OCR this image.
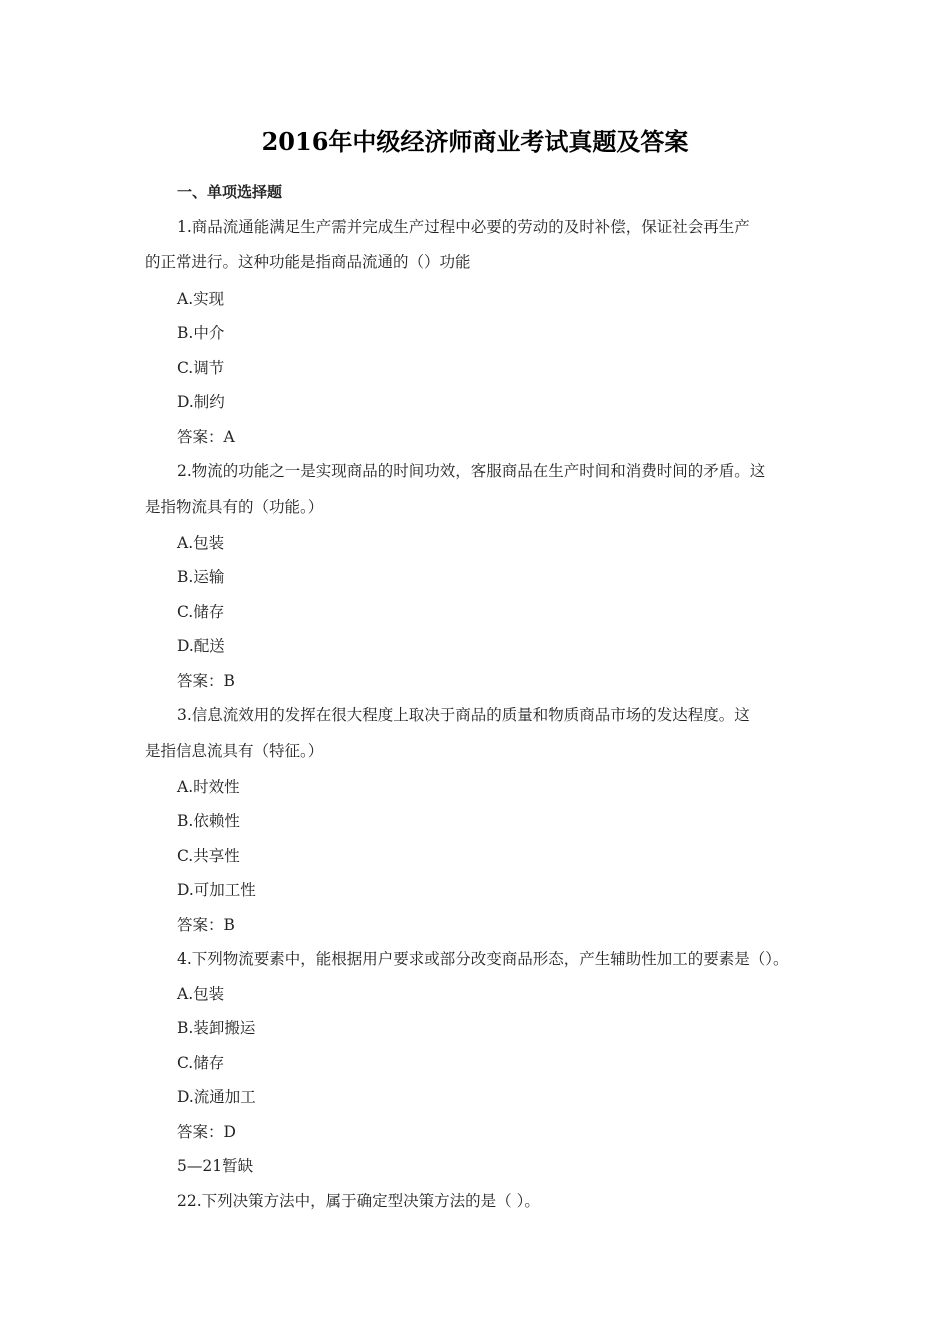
2016年中级经济师商业考试真题及答案

一、单项选择题

1.商品流通能满足生产需并完成生产过程中必要的劳动的及时补偿，保证社会再生产

的正常进行。这种功能是指商品流通的（）功能

A.实现

B.中介

C.调节

D.制约

答案：A

2.物流的功能之一是实现商品的时间功效，客服商品在生产时间和消费时间的矛盾。这

是指物流具有的（功能。）

A.包装

B.运输

C.储存

D.配送

答案：B

3.信息流效用的发挥在很大程度上取决于商品的质量和物质商品市场的发达程度。这

是指信息流具有（特征。）

A.时效性

B.依赖性

C.共享性

D.可加工性

答案：B

4.下列物流要素中，能根据用户要求或部分改变商品形态，产生辅助性加工的要素是（）。

A.包装

B.装卸搬运

C.储存

D.流通加工

答案：D

5—21暂缺

22.下列决策方法中，属于确定型决策方法的是（ ）。
